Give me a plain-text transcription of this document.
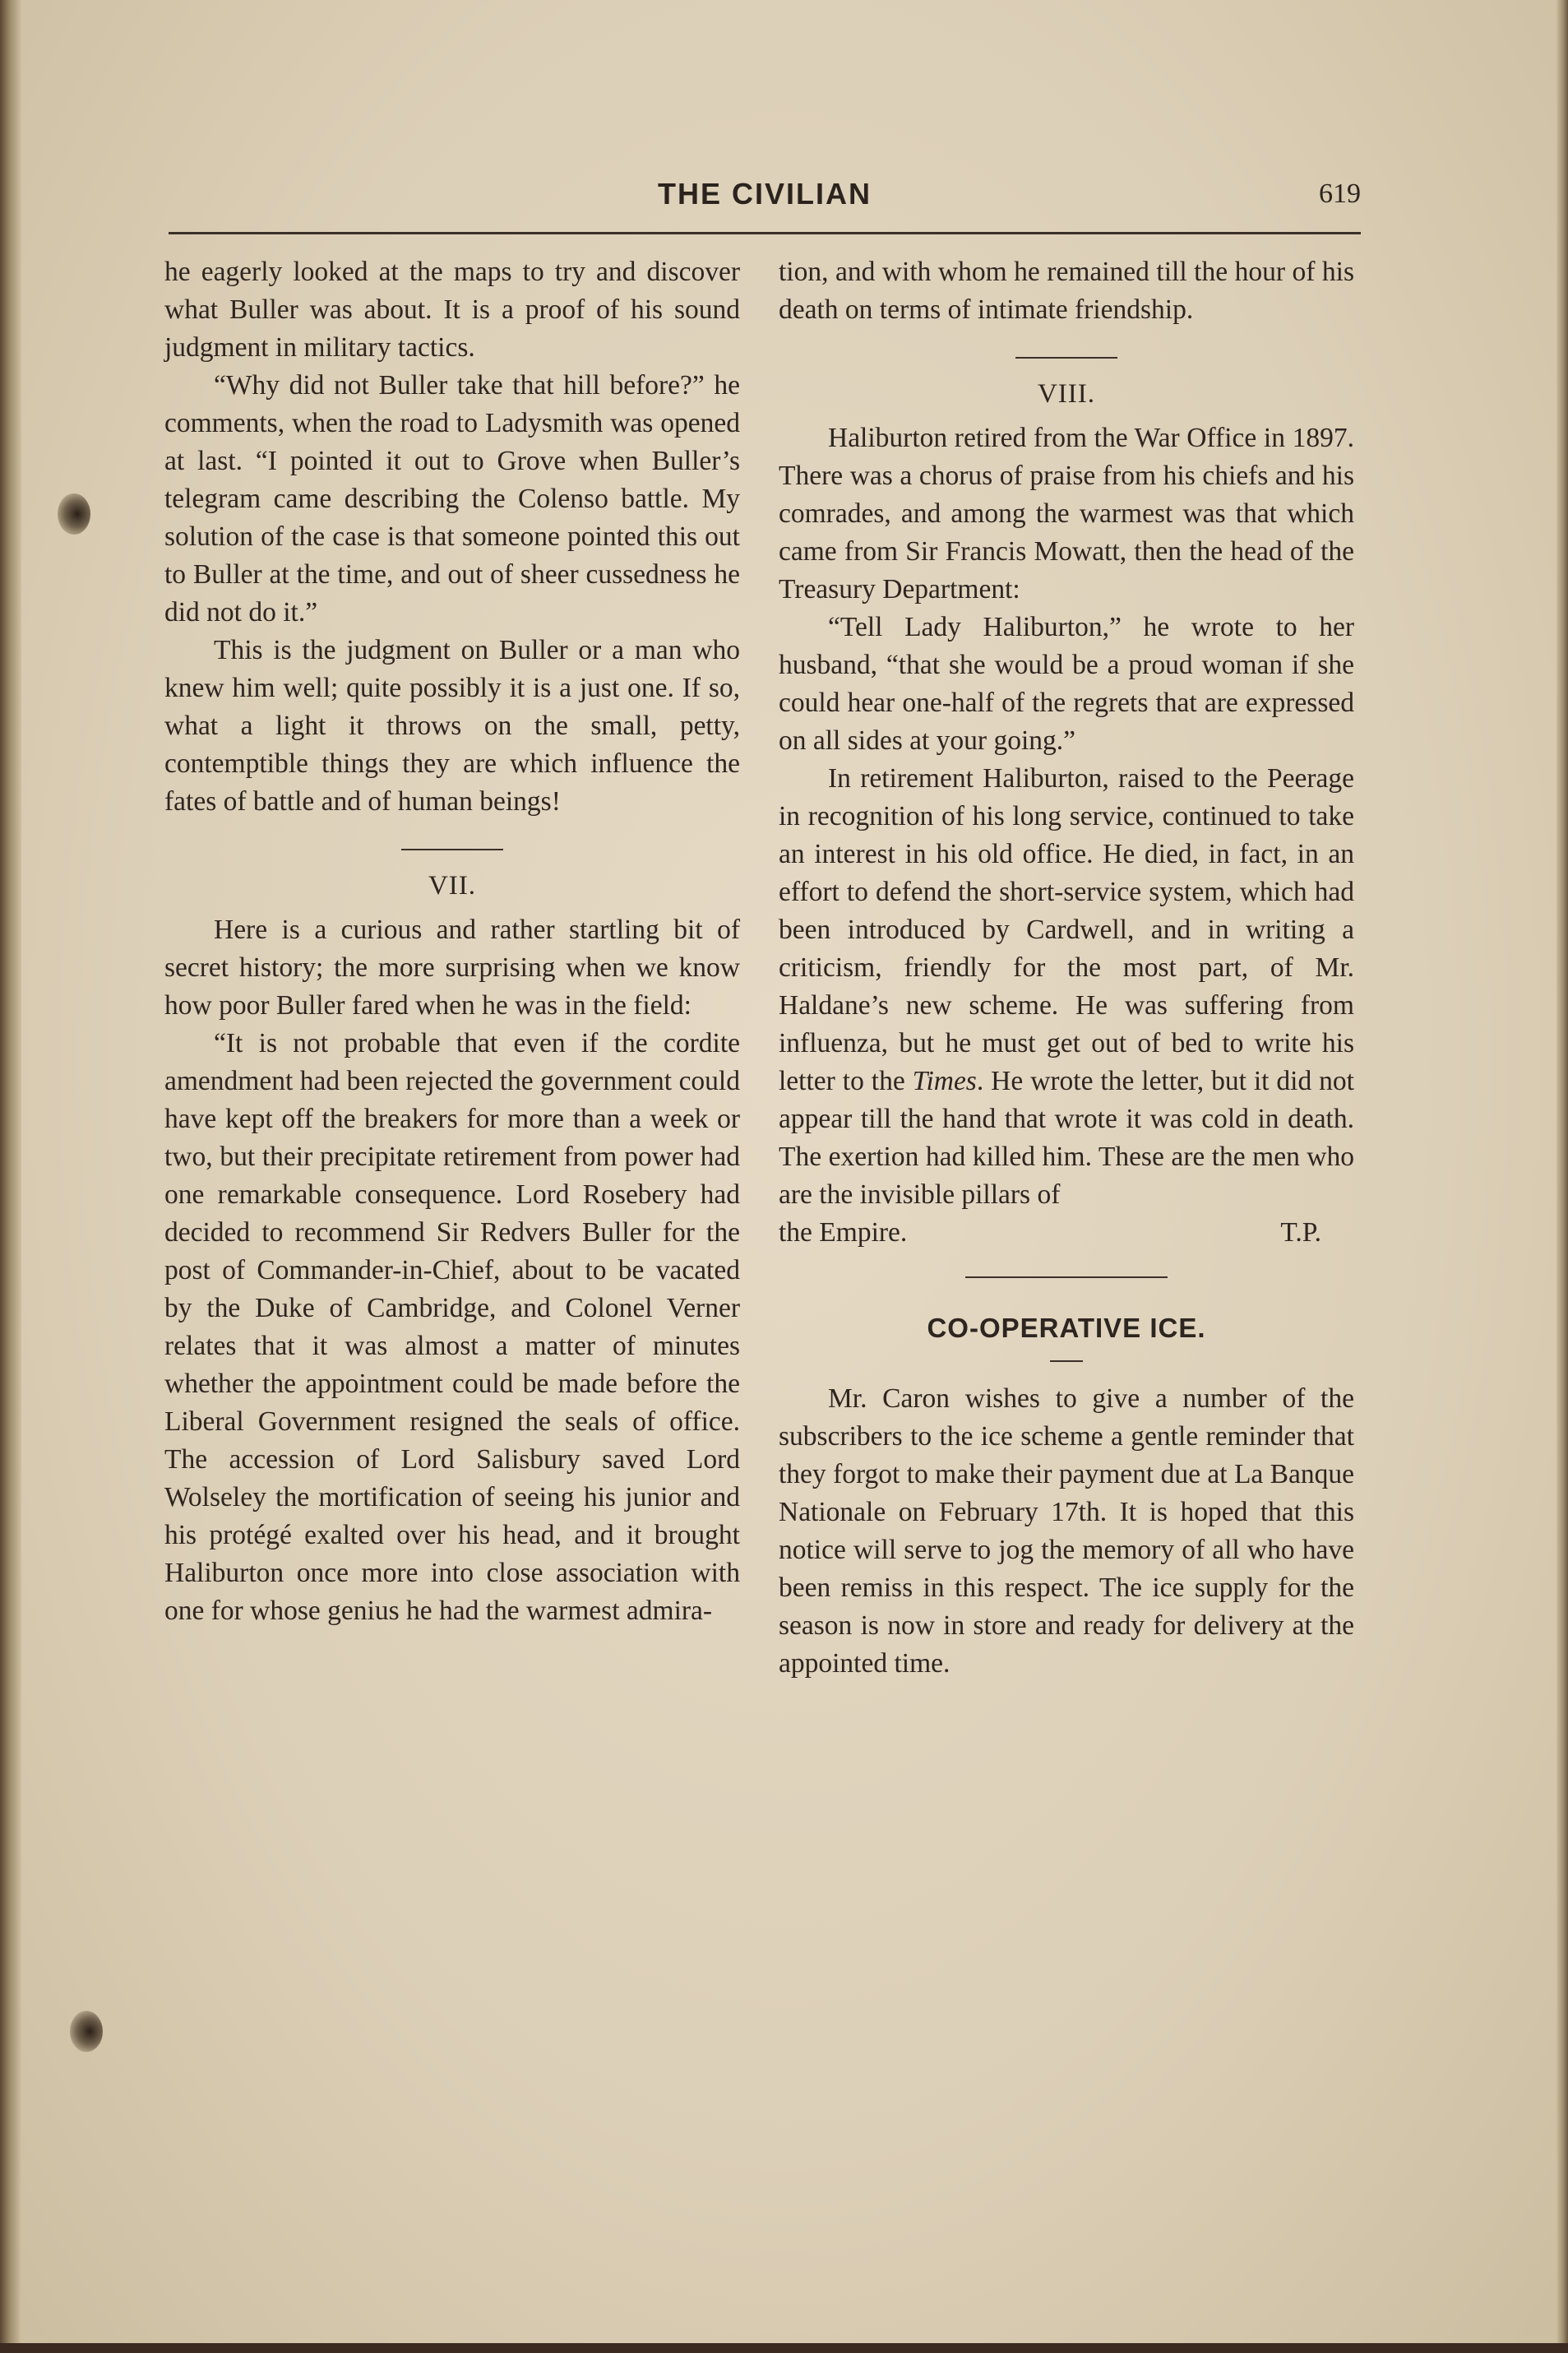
THE CIVILIAN	619

he eagerly looked at the maps to try and discover what Buller was about. It is a proof of his sound judgment in military tactics.

“Why did not Buller take that hill before?” he comments, when the road to Ladysmith was opened at last. “I pointed it out to Grove when Buller’s telegram came describing the Colenso battle. My solution of the case is that someone pointed this out to Buller at the time, and out of sheer cussedness he did not do it.”

This is the judgment on Buller or a man who knew him well; quite possibly it is a just one. If so, what a light it throws on the small, petty, contemptible things they are which influence the fates of battle and of human beings!

VII.

Here is a curious and rather startling bit of secret history; the more surprising when we know how poor Buller fared when he was in the field:

“It is not probable that even if the cordite amendment had been rejected the government could have kept off the breakers for more than a week or two, but their precipitate retirement from power had one remarkable consequence. Lord Rosebery had decided to recommend Sir Redvers Buller for the post of Commander-in-Chief, about to be vacated by the Duke of Cambridge, and Colonel Verner relates that it was almost a matter of minutes whether the appointment could be made before the Liberal Government resigned the seals of office. The accession of Lord Salisbury saved Lord Wolseley the mortification of seeing his junior and his protégé exalted over his head, and it brought Haliburton once more into close association with one for whose genius he had the warmest admira-

tion, and with whom he remained till the hour of his death on terms of intimate friendship.

VIII.

Haliburton retired from the War Office in 1897. There was a chorus of praise from his chiefs and his comrades, and among the warmest was that which came from Sir Francis Mowatt, then the head of the Treasury Department:

“Tell Lady Haliburton,” he wrote to her husband, “that she would be a proud woman if she could hear one-half of the regrets that are expressed on all sides at your going.”

In retirement Haliburton, raised to the Peerage in recognition of his long service, continued to take an interest in his old office. He died, in fact, in an effort to defend the short-service system, which had been introduced by Cardwell, and in writing a criticism, friendly for the most part, of Mr. Haldane’s new scheme. He was suffering from influenza, but he must get out of bed to write his letter to the Times. He wrote the letter, but it did not appear till the hand that wrote it was cold in death. The exertion had killed him. These are the men who are the invisible pillars of

the Empire.	T.P.
CO-OPERATIVE ICE.

Mr. Caron wishes to give a number of the subscribers to the ice scheme a gentle reminder that they forgot to make their payment due at La Banque Nationale on February 17th. It is hoped that this notice will serve to jog the memory of all who have been remiss in this respect. The ice supply for the season is now in store and ready for delivery at the appointed time.
